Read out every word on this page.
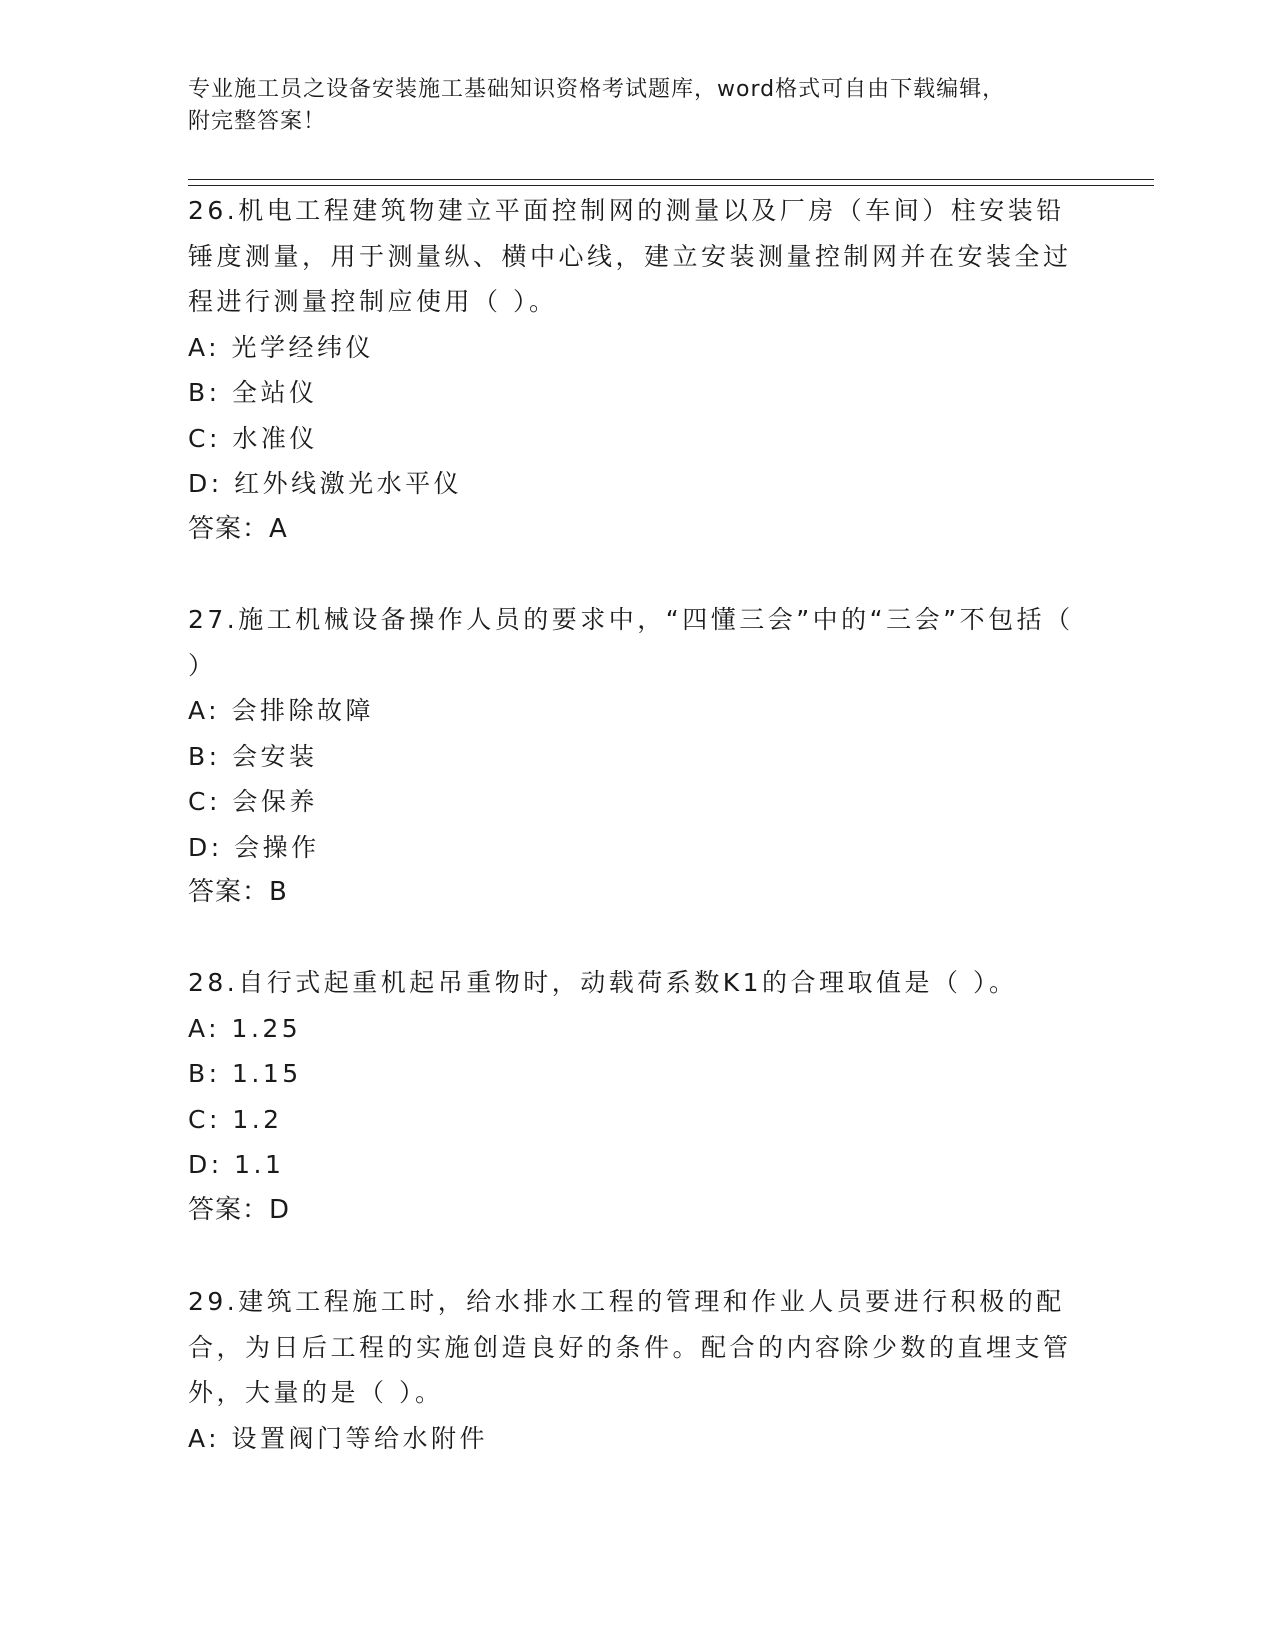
专业施工员之设备安装施工基础知识资格考试题库，word格式可自由下载编辑，
附完整答案！

26.机电工程建筑物建立平面控制网的测量以及厂房（车间）柱安装铅锤度测量，用于测量纵、横中心线，建立安装测量控制网并在安装全过程进行测量控制应使用（ ）。

A: 光学经纬仪

B: 全站仪

C: 水准仪

D: 红外线激光水平仪

答案：A

27.施工机械设备操作人员的要求中，“四懂三会”中的“三会”不包括（ ）

A: 会排除故障

B: 会安装

C: 会保养

D: 会操作

答案：B

28.自行式起重机起吊重物时，动载荷系数K1的合理取值是（ ）。

A: 1.25

B: 1.15

C: 1.2

D: 1.1

答案：D

29.建筑工程施工时，给水排水工程的管理和作业人员要进行积极的配合，为日后工程的实施创造良好的条件。配合的内容除少数的直埋支管外，大量的是（ ）。

A: 设置阀门等给水附件
